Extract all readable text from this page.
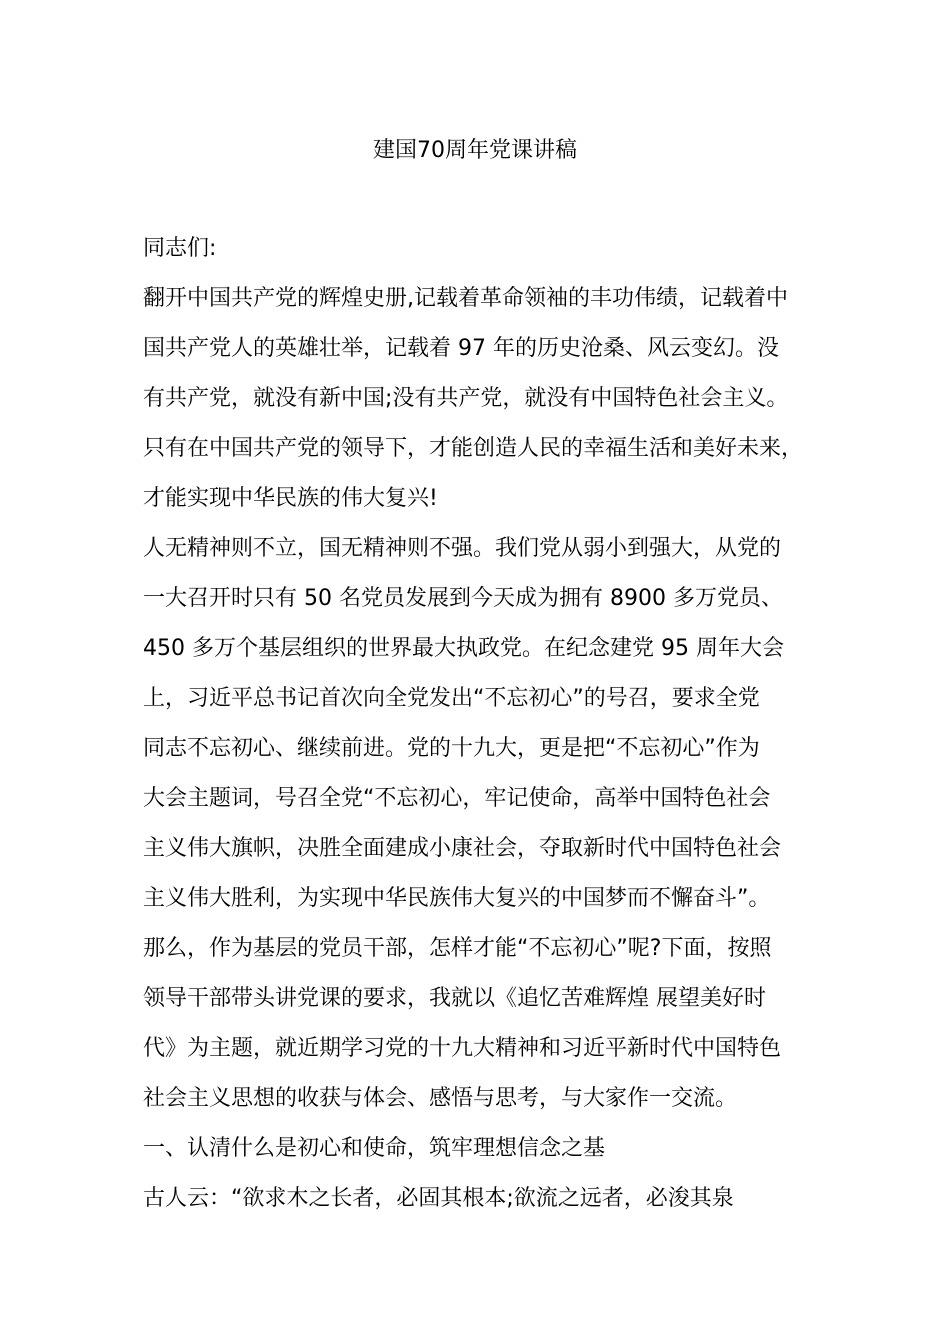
建国70周年党课讲稿
同志们:
翻开中国共产党的辉煌史册,记载着革命领袖的丰功伟绩，记载着中
国共产党人的英雄壮举，记载着 97 年的历史沧桑、风云变幻。没
有共产党，就没有新中国;没有共产党，就没有中国特色社会主义。
只有在中国共产党的领导下，才能创造人民的幸福生活和美好未来，
才能实现中华民族的伟大复兴!
人无精神则不立，国无精神则不强。我们党从弱小到强大，从党的
一大召开时只有 50 名党员发展到今天成为拥有 8900 多万党员、
450 多万个基层组织的世界最大执政党。在纪念建党 95 周年大会
上，习近平总书记首次向全党发出“不忘初心”的号召，要求全党
同志不忘初心、继续前进。党的十九大，更是把“不忘初心”作为
大会主题词，号召全党“不忘初心，牢记使命，高举中国特色社会
主义伟大旗帜，决胜全面建成小康社会，夺取新时代中国特色社会
主义伟大胜利，为实现中华民族伟大复兴的中国梦而不懈奋斗”。
那么，作为基层的党员干部，怎样才能“不忘初心”呢?下面，按照
领导干部带头讲党课的要求，我就以《追忆苦难辉煌 展望美好时
代》为主题，就近期学习党的十九大精神和习近平新时代中国特色
社会主义思想的收获与体会、感悟与思考，与大家作一交流。
一、认清什么是初心和使命，筑牢理想信念之基
古人云：“欲求木之长者，必固其根本;欲流之远者，必浚其泉
